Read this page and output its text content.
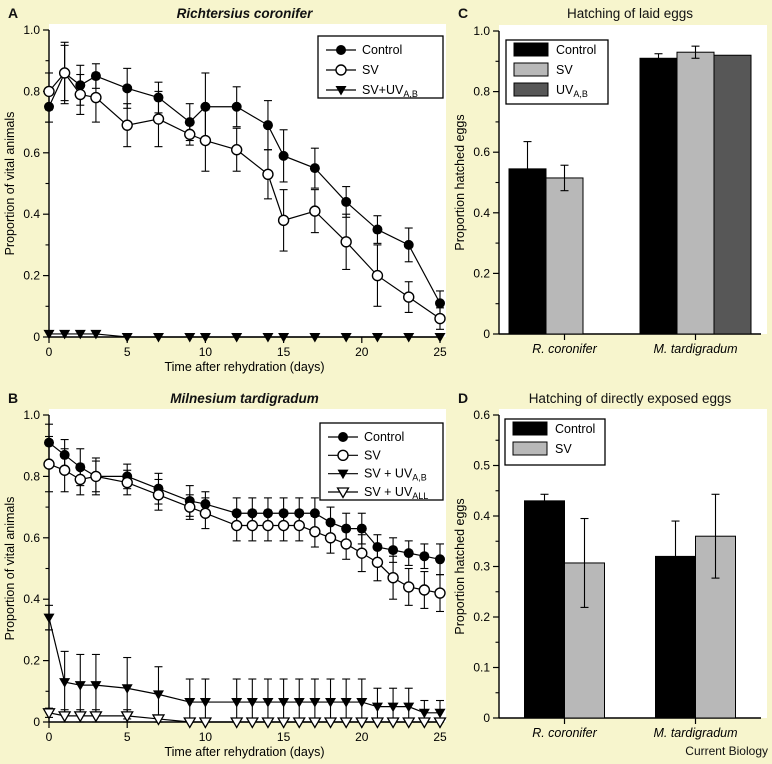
A	Richtersius coronifer
0
0.2
0.4
0.6
0.8
1.0
Proportion of vital animals
0	5	10	15	20	25
Time after rehydration (days)
Control
SV
$SV+UV_{A,B}$
B	Milnesium tardigradum
0
0.2
0.4
0.6
0.8
1.0
Proportion of vital animals
0	5	10	15	20	25
Time after rehydration (days)
Control
SV
SV + $UV_{A,B}$
SV + $UV_{ALL}$
C	Hatching of laid eggs
0
0.2
0.4
0.6
0.8
1.0
Proportion hatched eggs
R. coronifer	M. tardigradum
Control
SV
$UV_{A,B}$
D	Hatching of directly exposed eggs
0
0.1
0.2
0.3
0.4
0.5
0.6
Proportion hatched eggs
R. coronifer	M. tardigradum
Control
SV
Current Biology
